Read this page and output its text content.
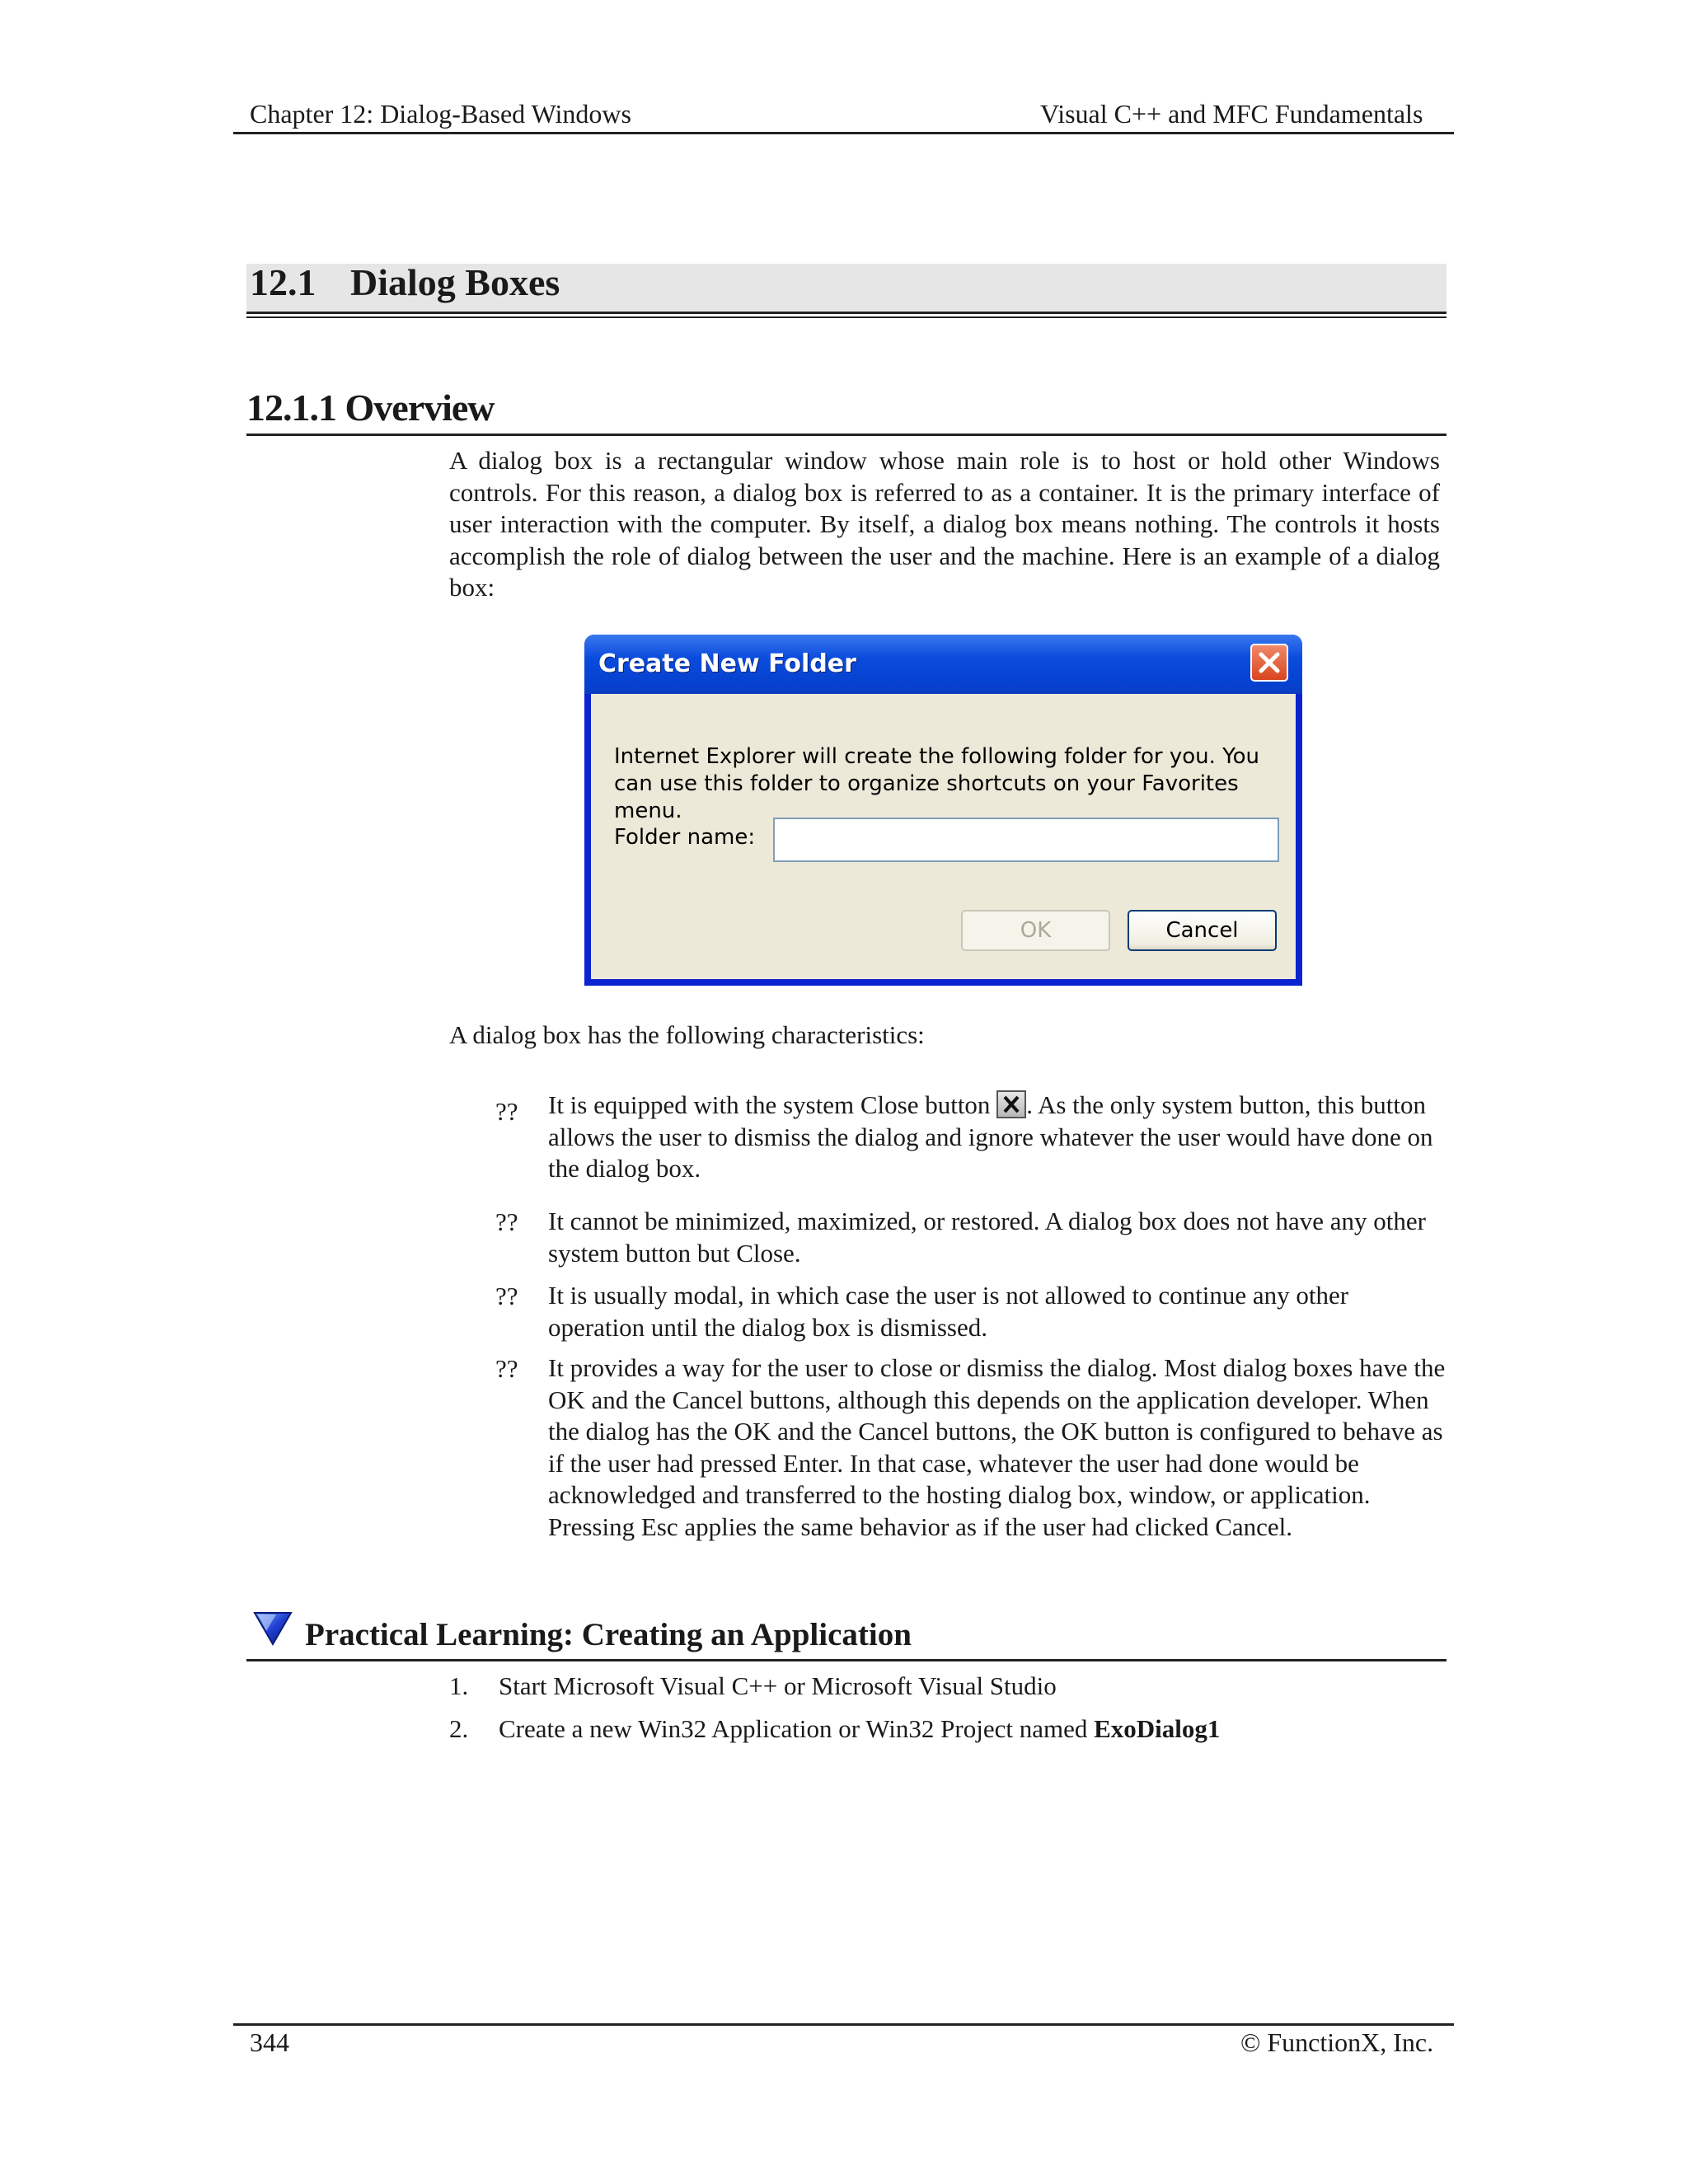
Chapter 12: Dialog-Based Windows	Visual C++ and MFC Fundamentals
12.1 Dialog Boxes
12.1.1 Overview
A dialog box is a rectangular window whose main role is to host or hold other Windows controls. For this reason, a dialog box is referred to as a container. It is the primary interface of user interaction with the computer. By itself, a dialog box means nothing. The controls it hosts accomplish the role of dialog between the user and the machine. Here is an example of a dialog box:
Create New Folder
Internet Explorer will create the following folder for you. You can use this folder to organize shortcuts on your Favorites menu.
Folder name:
OK	Cancel
A dialog box has the following characteristics:
?? It is equipped with the system Close button . As the only system button, this button allows the user to dismiss the dialog and ignore whatever the user would have done on the dialog box.
?? It cannot be minimized, maximized, or restored. A dialog box does not have any other system button but Close.
?? It is usually modal, in which case the user is not allowed to continue any other operation until the dialog box is dismissed.
?? It provides a way for the user to close or dismiss the dialog. Most dialog boxes have the OK and the Cancel buttons, although this depends on the application developer. When the dialog has the OK and the Cancel buttons, the OK button is configured to behave as if the user had pressed Enter. In that case, whatever the user had done would be acknowledged and transferred to the hosting dialog box, window, or application. Pressing Esc applies the same behavior as if the user had clicked Cancel.
Practical Learning: Creating an Application
1. Start Microsoft Visual C++ or Microsoft Visual Studio
2. Create a new Win32 Application or Win32 Project named ExoDialog1
344	© FunctionX, Inc.
